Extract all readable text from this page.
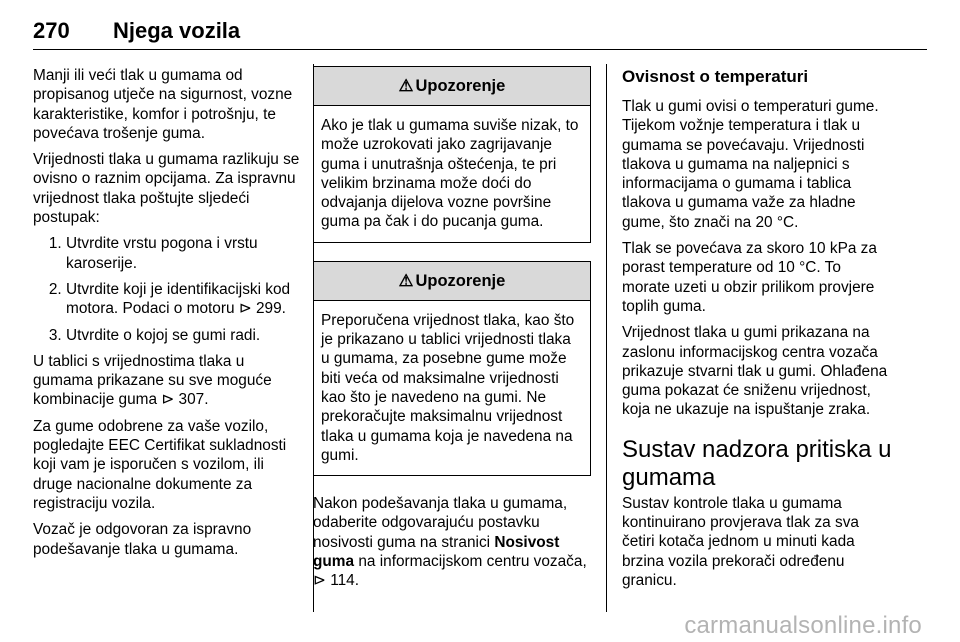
270 Njega vozila

Manji ili veći tlak u gumama od propisanog utječe na sigurnost, vozne karakteristike, komfor i potrošnju, te povećava trošenje guma.

Vrijednosti tlaka u gumama razlikuju se ovisno o raznim opcijama. Za ispravnu vrijednost tlaka poštujte sljedeći postupak:

1. Utvrdite vrstu pogona i vrstu karoserije.
2. Utvrdite koji je identifikacijski kod motora. Podaci o motoru ⊳ 299.
3. Utvrdite o kojoj se gumi radi.

U tablici s vrijednostima tlaka u gumama prikazane su sve moguće kombinacije guma ⊳ 307.

Za gume odobrene za vaše vozilo, pogledajte EEC Certifikat sukladnosti koji vam je isporučen s vozilom, ili druge nacionalne dokumente za registraciju vozila.

Vozač je odgovoran za ispravno podešavanje tlaka u gumama.

⚠ Upozorenje
Ako je tlak u gumama suviše nizak, to može uzrokovati jako zagrijavanje guma i unutrašnja oštećenja, te pri velikim brzinama može doći do odvajanja dijelova vozne površine guma pa čak i do pucanja guma.
⚠ Upozorenje
Preporučena vrijednost tlaka, kao što je prikazano u tablici vrijednosti tlaka u gumama, za posebne gume može biti veća od maksimalne vrijednosti kao što je navedeno na gumi. Ne prekoračujte maksimalnu vrijednost tlaka u gumama koja je navedena na gumi.

Nakon podešavanja tlaka u gumama, odaberite odgovarajuću postavku nosivosti guma na stranici Nosivost guma na informacijskom centru vozača, ⊳ 114.

Ovisnost o temperaturi

Tlak u gumi ovisi o temperaturi gume. Tijekom vožnje temperatura i tlak u gumama se povećavaju. Vrijednosti tlakova u gumama na naljepnici s informacijama o gumama i tablica tlakova u gumama važe za hladne gume, što znači na 20 °C.

Tlak se povećava za skoro 10 kPa za porast temperature od 10 °C. To morate uzeti u obzir prilikom provjere toplih guma.

Vrijednost tlaka u gumi prikazana na zaslonu informacijskog centra vozača prikazuje stvarni tlak u gumi. Ohlađena guma pokazat će sniženu vrijednost, koja ne ukazuje na ispuštanje zraka.

Sustav nadzora pritiska u gumama

Sustav kontrole tlaka u gumama kontinuirano provjerava tlak za sva četiri kotača jednom u minuti kada brzina vozila prekorači određenu granicu.

carmanualsonline.info
